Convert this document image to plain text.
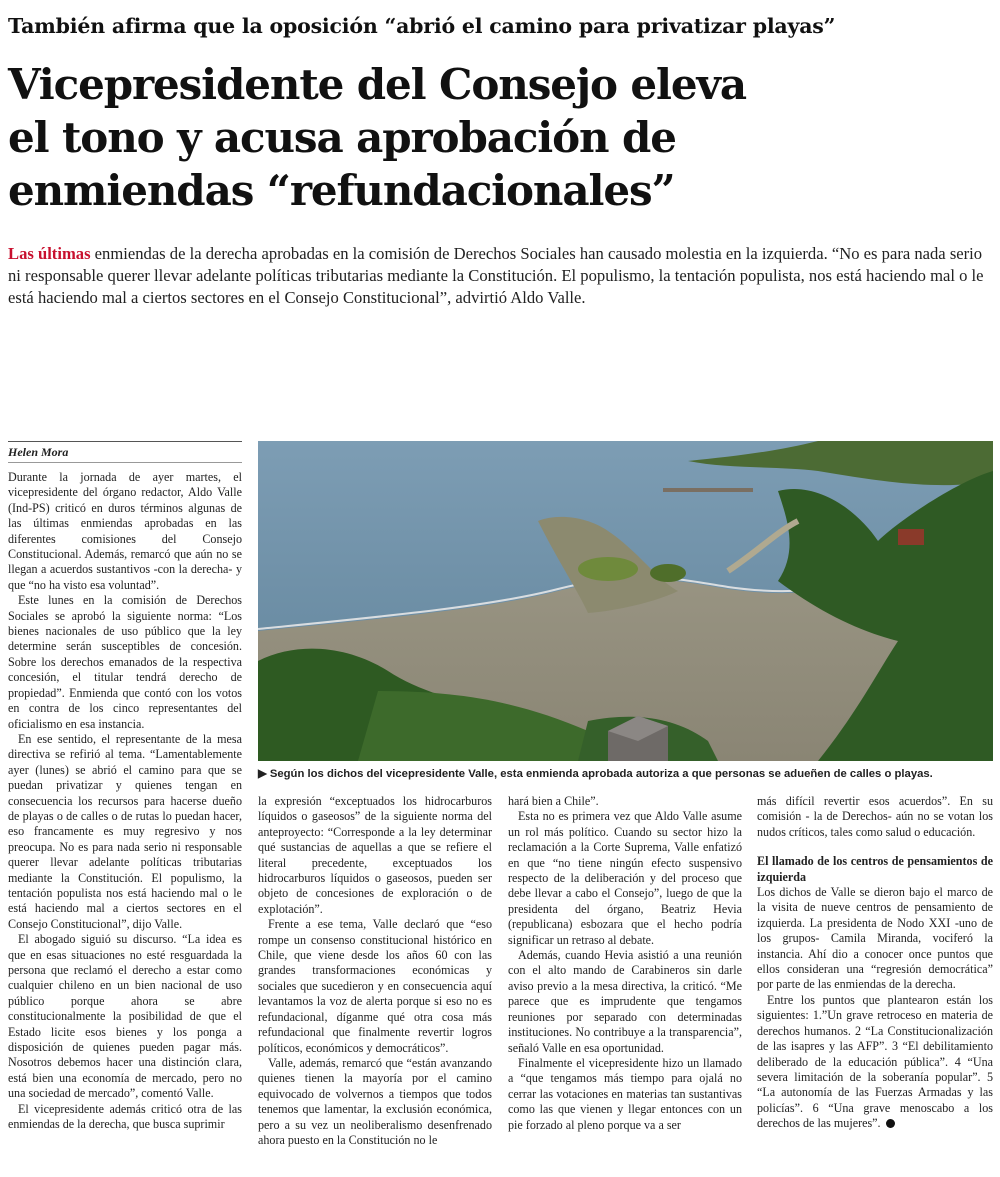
También afirma que la oposición “abrió el camino para privatizar playas”
Vicepresidente del Consejo eleva
el tono y acusa aprobación de
enmiendas “refundacionales”
Las últimas enmiendas de la derecha aprobadas en la comisión de Derechos Sociales han causado molestia en la izquierda. “No es para nada serio ni responsable querer llevar adelante políticas tributarias mediante la Constitución. El populismo, la tentación populista, nos está haciendo mal o le está haciendo mal a ciertos sectores en el Consejo Constitucional”, advirtió Aldo Valle.
Helen Mora

Durante la jornada de ayer martes, el vicepresidente del órgano redactor, Aldo Valle (Ind-PS) criticó en duros términos algunas de las últimas enmiendas aprobadas en las diferentes comisiones del Consejo Constitucional. Además, remarcó que aún no se llegan a acuerdos sustantivos -con la derecha- y que “no ha visto esa voluntad”.

Este lunes en la comisión de Derechos Sociales se aprobó la siguiente norma: “Los bienes nacionales de uso público que la ley determine serán susceptibles de concesión. Sobre los derechos emanados de la respectiva concesión, el titular tendrá derecho de propiedad”. Enmienda que contó con los votos en contra de los cinco representantes del oficialismo en esa instancia.

En ese sentido, el representante de la mesa directiva se refirió al tema. “Lamentablemente ayer (lunes) se abrió el camino para que se puedan privatizar y quienes tengan en consecuencia los recursos para hacerse dueño de playas o de calles o de rutas lo puedan hacer, eso francamente es muy regresivo y nos preocupa. No es para nada serio ni responsable querer llevar adelante políticas tributarias mediante la Constitución. El populismo, la tentación populista nos está haciendo mal o le está haciendo mal a ciertos sectores en el Consejo Constitucional”, dijo Valle.

El abogado siguió su discurso. “La idea es que en esas situaciones no esté resguardada la persona que reclamó el derecho a estar como cualquier chileno en un bien nacional de uso público porque ahora se abre constitucionalmente la posibilidad de que el Estado licite esos bienes y los ponga a disposición de quienes pueden pagar más. Nosotros debemos hacer una distinción clara, está bien una economía de mercado, pero no una sociedad de mercado”, comentó Valle.

El vicepresidente además criticó otra de las enmiendas de la derecha, que busca suprimir

▶ Según los dichos del vicepresidente Valle, esta enmienda aprobada autoriza a que personas se adueñen de calles o playas.

la expresión “exceptuados los hidrocarburos líquidos o gaseosos” de la siguiente norma del anteproyecto: “Corresponde a la ley determinar qué sustancias de aquellas a que se refiere el literal precedente, exceptuados los hidrocarburos líquidos o gaseosos, pueden ser objeto de concesiones de exploración o de explotación”.

Frente a ese tema, Valle declaró que “eso rompe un consenso constitucional histórico en Chile, que viene desde los años 60 con las grandes transformaciones económicas y sociales que sucedieron y en consecuencia aquí levantamos la voz de alerta porque si eso no es refundacional, díganme qué otra cosa más refundacional que finalmente revertir logros políticos, económicos y democráticos”.

Valle, además, remarcó que “están avanzando quienes tienen la mayoría por el camino equivocado de volvernos a tiempos que todos tenemos que lamentar, la exclusión económica, pero a su vez un neoliberalismo desenfrenado ahora puesto en la Constitución no le

hará bien a Chile”.

Esta no es primera vez que Aldo Valle asume un rol más político. Cuando su sector hizo la reclamación a la Corte Suprema, Valle enfatizó en que “no tiene ningún efecto suspensivo respecto de la deliberación y del proceso que debe llevar a cabo el Consejo”, luego de que la presidenta del órgano, Beatriz Hevia (republicana) esbozara que el hecho podría significar un retraso al debate.

Además, cuando Hevia asistió a una reunión con el alto mando de Carabineros sin darle aviso previo a la mesa directiva, la criticó. “Me parece que es imprudente que tengamos reuniones por separado con determinadas instituciones. No contribuye a la transparencia”, señaló Valle en esa oportunidad.

Finalmente el vicepresidente hizo un llamado a “que tengamos más tiempo para ojalá no cerrar las votaciones en materias tan sustantivas como las que vienen y llegar entonces con un pie forzado al pleno porque va a ser

más difícil revertir esos acuerdos”. En su comisión - la de Derechos- aún no se votan los nudos críticos, tales como salud o educación.

El llamado de los centros de pensamientos de izquierda

Los dichos de Valle se dieron bajo el marco de la visita de nueve centros de pensamiento de izquierda. La presidenta de Nodo XXI -uno de los grupos- Camila Miranda, vociferó la instancia. Ahí dio a conocer once puntos que ellos consideran una “regresión democrática” por parte de las enmiendas de la derecha.

Entre los puntos que plantearon están los siguientes: 1.”Un grave retroceso en materia de derechos humanos. 2 “La Constitucionalización de las isapres y las AFP”. 3 “El debilitamiento deliberado de la educación pública”. 4 “Una severa limitación de la soberanía popular”. 5 “La autonomía de las Fuerzas Armadas y las policías”. 6 “Una grave menoscabo a los derechos de las mujeres”.
